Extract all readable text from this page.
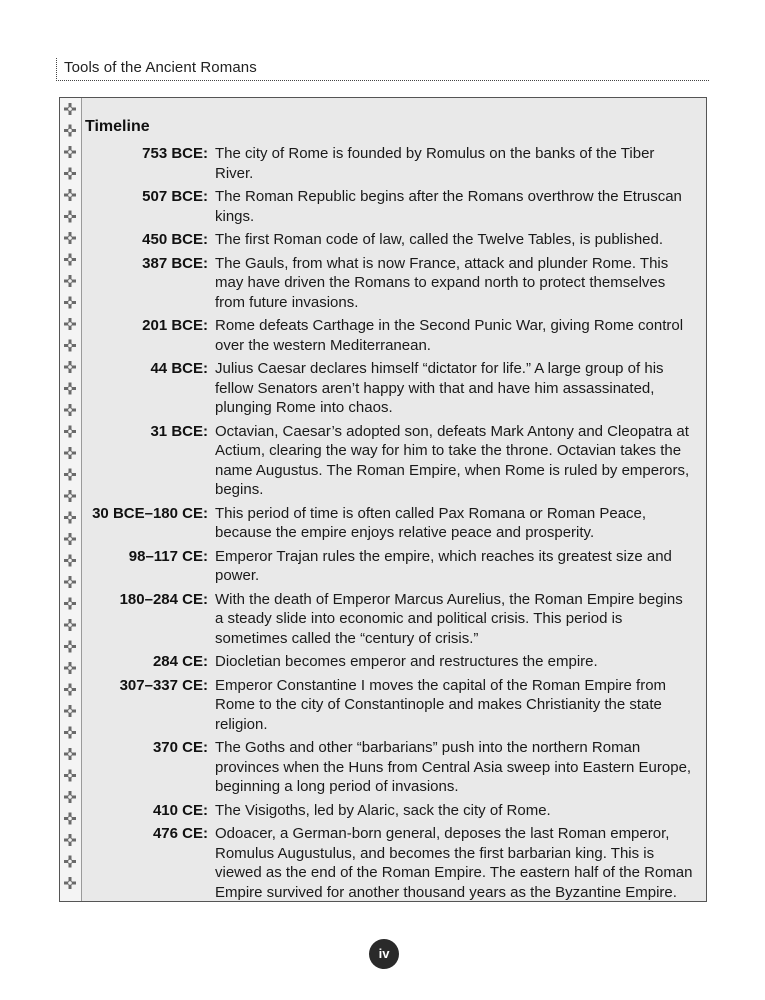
Tools of the Ancient Romans
Timeline
753 BCE: The city of Rome is founded by Romulus on the banks of the Tiber River.
507 BCE: The Roman Republic begins after the Romans overthrow the Etruscan kings.
450 BCE: The first Roman code of law, called the Twelve Tables, is published.
387 BCE: The Gauls, from what is now France, attack and plunder Rome. This may have driven the Romans to expand north to protect themselves from future invasions.
201 BCE: Rome defeats Carthage in the Second Punic War, giving Rome control over the western Mediterranean.
44 BCE: Julius Caesar declares himself “dictator for life.” A large group of his fellow Senators aren’t happy with that and have him assassinated, plunging Rome into chaos.
31 BCE: Octavian, Caesar’s adopted son, defeats Mark Antony and Cleopatra at Actium, clearing the way for him to take the throne. Octavian takes the name Augustus. The Roman Empire, when Rome is ruled by emperors, begins.
30 BCE–180 CE: This period of time is often called Pax Romana or Roman Peace, because the empire enjoys relative peace and prosperity.
98–117 CE: Emperor Trajan rules the empire, which reaches its greatest size and power.
180–284 CE: With the death of Emperor Marcus Aurelius, the Roman Empire begins a steady slide into economic and political crisis. This period is sometimes called the “century of crisis.”
284 CE: Diocletian becomes emperor and restructures the empire.
307–337 CE: Emperor Constantine I moves the capital of the Roman Empire from Rome to the city of Constantinople and makes Christianity the state religion.
370 CE: The Goths and other “barbarians” push into the northern Roman provinces when the Huns from Central Asia sweep into Eastern Europe, beginning a long period of invasions.
410 CE: The Visigoths, led by Alaric, sack the city of Rome.
476 CE: Odoacer, a German-born general, deposes the last Roman emperor, Romulus Augustulus, and becomes the first barbarian king. This is viewed as the end of the Roman Empire. The eastern half of the Roman Empire survived for another thousand years as the Byzantine Empire.
iv
